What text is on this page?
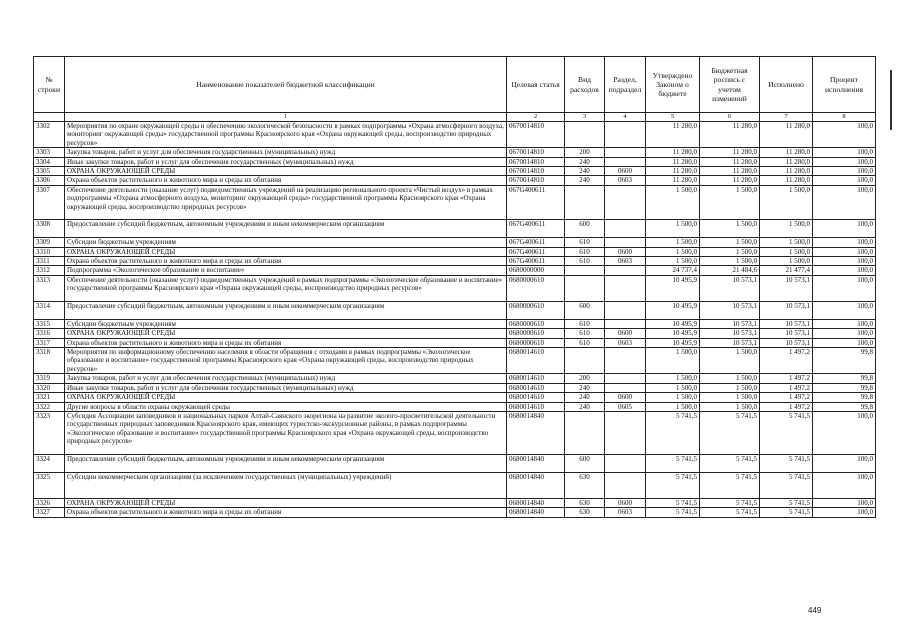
№ строки	Наименование показателей бюджетной классификации	Целевая статья	Вид расходов	Раздел, подраздел	Утверждено Законом о бюджете	Бюджетная роспись с учетом изменений	Исполнено	Процент исполнения
	1	2	3	4	5	6	7	8
3302	Мероприятия по охране окружающей среды и обеспечению экологической безопасности в рамках подпрограммы «Охрана атмосферного воздуха, мониторинг окружающей среды» государственной программы Красноярского края «Охрана окружающей среды, воспроизводство природных ресурсов»	0670014810			11 280,0	11 280,0	11 280,0	100,0
3303	Закупка товаров, работ и услуг для обеспечения государственных (муниципальных) нужд	0670014810	200		11 280,0	11 280,0	11 280,0	100,0
3304	Иные закупки товаров, работ и услуг для обеспечения государственных (муниципальных) нужд	0670014810	240		11 280,0	11 280,0	11 280,0	100,0
3305	ОХРАНА ОКРУЖАЮЩЕЙ СРЕДЫ	0670014810	240	0600	11 280,0	11 280,0	11 280,0	100,0
3306	Охрана объектов растительного и животного мира и среды их обитания	0670014810	240	0603	11 280,0	11 280,0	11 280,0	100,0
3307	Обеспечение деятельности (оказание услуг) подведомственных учреждений на реализацию регионального проекта «Чистый воздух» в рамках подпрограммы «Охрана атмосферного воздуха, мониторинг окружающей среды» государственной программы Красноярского края «Охрана окружающей среды, воспроизводство природных ресурсов»	067G400611			1 500,0	1 500,0	1 500,0	100,0
3308	Предоставление субсидий бюджетным, автономным учреждениям и иным некоммерческим организациям	067G400611	600		1 500,0	1 500,0	1 500,0	100,0
3309	Субсидии бюджетным учреждениям	067G400611	610		1 500,0	1 500,0	1 500,0	100,0
3310	ОХРАНА ОКРУЖАЮЩЕЙ СРЕДЫ	067G400611	610	0600	1 500,0	1 500,0	1 500,0	100,0
3311	Охрана объектов растительного и животного мира и среды их обитания	067G400611	610	0603	1 500,0	1 500,0	1 500,0	100,0
3312	Подпрограмма «Экологическое образование и воспитание»	0680000000			24 737,4	21 484,6	21 477,4	100,0
3313	Обеспечение деятельности (оказание услуг) подведомственных учреждений в рамках подпрограммы «Экологическое образование и воспитание» государственной программы Красноярского края «Охрана окружающей среды, воспроизводство природных ресурсов»	0680000610			10 495,9	10 573,1	10 573,1	100,0
3314	Предоставление субсидий бюджетным, автономным учреждениям и иным некоммерческим организациям	0680000610	600		10 495,9	10 573,1	10 573,1	100,0
3315	Субсидии бюджетным учреждениям	0680000610	610		10 495,9	10 573,1	10 573,1	100,0
3316	ОХРАНА ОКРУЖАЮЩЕЙ СРЕДЫ	0680000610	610	0600	10 495,9	10 573,1	10 573,1	100,0
3317	Охрана объектов растительного и животного мира и среды их обитания	0680000610	610	0603	10 495,9	10 573,1	10 573,1	100,0
3318	Мероприятия по информационному обеспечению населения в области обращения с отходами в рамках подпрограммы «Экологическое образование и воспитание» государственной программы Красноярского края «Охрана окружающей среды, воспроизводство природных ресурсов»	0680014610			1 500,0	1 500,0	1 497,2	99,8
3319	Закупка товаров, работ и услуг для обеспечения государственных (муниципальных) нужд	0680014610	200		1 500,0	1 500,0	1 497,2	99,8
3320	Иные закупки товаров, работ и услуг для обеспечения государственных (муниципальных) нужд	0680014610	240		1 500,0	1 500,0	1 497,2	99,8
3321	ОХРАНА ОКРУЖАЮЩЕЙ СРЕДЫ	0680014610	240	0600	1 500,0	1 500,0	1 497,2	99,8
3322	Другие вопросы в области охраны окружающей среды	0680014610	240	0605	1 500,0	1 500,0	1 497,2	99,8
3323	Субсидия Ассоциации заповедников и национальных парков Алтай-Саянского экорегиона на развитие эколого-просветительской деятельности государственных природных заповедников Красноярского края, имеющих туристско-экскурсионные районы, в рамках подпрограммы «Экологическое образование и воспитание» государственной программы Красноярского края «Охрана окружающей среды, воспроизводство природных ресурсов»	0680014840			5 741,5	5 741,5	5 741,5	100,0
3324	Предоставление субсидий бюджетным, автономным учреждениям и иным некоммерческим организациям	0680014840	600		5 741,5	5 741,5	5 741,5	100,0
3325	Субсидии некоммерческим организациям (за исключением государственных (муниципальных) учреждений)	0680014840	630		5 741,5	5 741,5	5 741,5	100,0
3326	ОХРАНА ОКРУЖАЮЩЕЙ СРЕДЫ	0680014840	630	0600	5 741,5	5 741,5	5 741,5	100,0
3327	Охрана объектов растительного и животного мира и среды их обитания	0680014840	630	0603	5 741,5	5 741,5	5 741,5	100,0
449
